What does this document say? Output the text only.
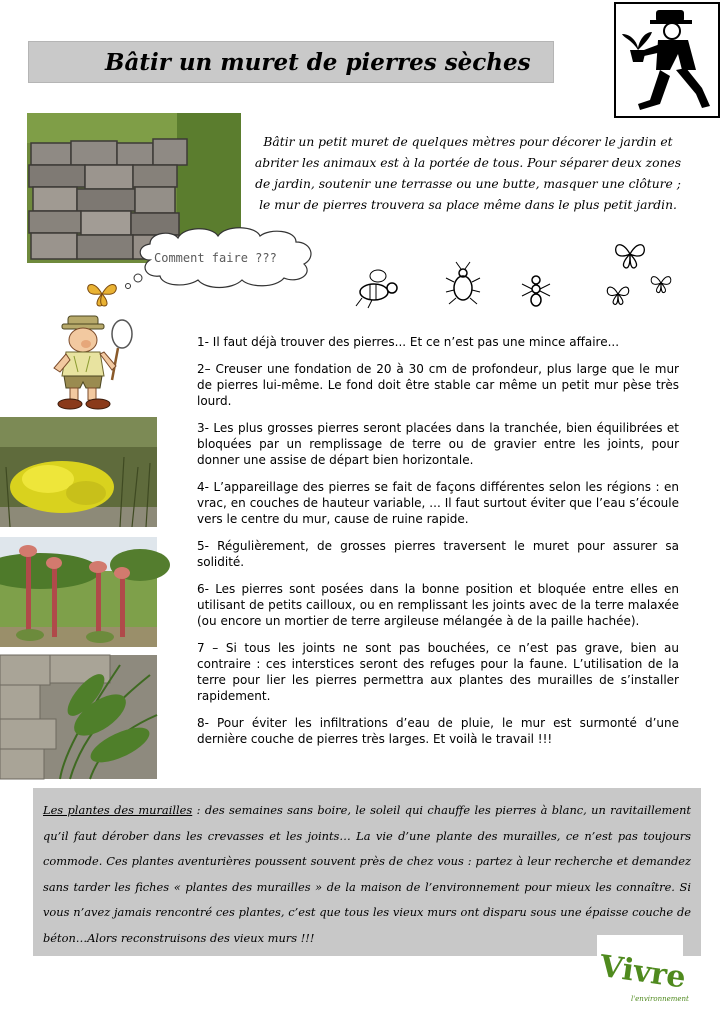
Bâtir un muret de pierres sèches
Bâtir un petit muret de quelques mètres pour décorer le jardin et abriter les animaux est à la portée de tous. Pour séparer deux zones de jardin, soutenir une terrasse ou une butte, masquer une clôture ; le mur de pierres trouvera sa place même dans le plus petit jardin.
Comment faire ???

1- Il faut déjà trouver des pierres... Et ce n’est pas une mince affaire...

2– Creuser une fondation de 20 à 30 cm de profondeur, plus large que le mur de pierres lui-même. Le fond doit être stable car même un petit mur pèse très lourd.

3- Les plus grosses pierres seront placées dans la tranchée, bien équilibrées et bloquées par un remplissage de terre ou de gravier entre les joints, pour donner une assise de départ bien horizontale.

4- L’appareillage des pierres se fait de façons différentes selon les régions : en vrac, en couches de hauteur variable, ... Il faut surtout éviter que l’eau s’écoule vers le centre du mur, cause de ruine rapide.

5- Régulièrement, de grosses pierres traversent le muret pour assurer sa solidité.

6- Les pierres sont posées dans la bonne position et bloquée entre elles en utilisant de petits cailloux, ou en remplissant les joints avec de la terre malaxée (ou encore un mortier de terre argileuse mélangée à de la paille hachée).

7 – Si tous les joints ne sont pas bouchées, ce n’est pas grave, bien au contraire : ces interstices seront des refuges pour la faune. L’utilisation de la terre pour lier les pierres permettra aux plantes des murailles de s’installer rapidement.

8- Pour éviter les infiltrations d’eau de pluie, le mur est surmonté d’une dernière couche de pierres très larges. Et voilà le travail !!!

Les plantes des murailles : des semaines sans boire, le soleil qui chauffe les pierres à blanc, un ravitaillement qu’il faut dérober dans les crevasses et les joints… La vie d’une plante des murailles, ce n’est pas toujours commode. Ces plantes aventurières poussent souvent près de chez vous : partez à leur recherche et demandez sans tarder les fiches « plantes des murailles » de la maison de l’environnement pour mieux les connaître. Si vous n’avez jamais rencontré ces plantes, c’est que tous les vieux murs ont disparu sous une épaisse couche de béton…Alors reconstruisons des vieux murs !!!

Vivre
l'environnement
